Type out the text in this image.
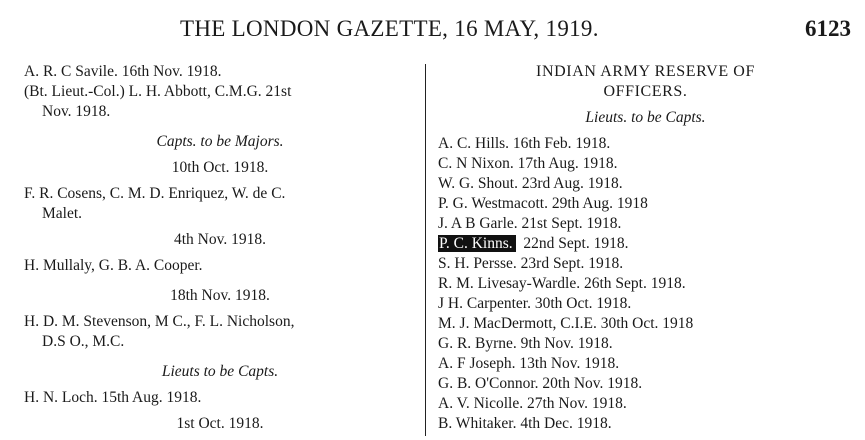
THE LONDON GAZETTE, 16 MAY, 1919.	6123
A. R. C Savile. 16th Nov. 1918.
(Bt. Lieut.-Col.) L. H. Abbott, C.M.G. 21st
Nov. 1918.
Capts. to be Majors.
10th Oct. 1918.
F. R. Cosens, C. M. D. Enriquez, W. de C.
Malet.
4th Nov. 1918.
H. Mullaly, G. B. A. Cooper.
18th Nov. 1918.
H. D. M. Stevenson, M C., F. L. Nicholson,
D.S O., M.C.
Lieuts to be Capts.
H. N. Loch. 15th Aug. 1918.
1st Oct. 1918.
INDIAN ARMY RESERVE OF
OFFICERS.
Lieuts. to be Capts.
A. C. Hills. 16th Feb. 1918.
C. N Nixon. 17th Aug. 1918.
W. G. Shout. 23rd Aug. 1918.
P. G. Westmacott. 29th Aug. 1918
J. A B Garle. 21st Sept. 1918.
P. C. Kinns.  22nd Sept. 1918.
S. H. Persse. 23rd Sept. 1918.
R. M. Livesay-Wardle. 26th Sept. 1918.
J H. Carpenter. 30th Oct. 1918.
M. J. MacDermott, C.I.E. 30th Oct. 1918
G. R. Byrne. 9th Nov. 1918.
A. F Joseph. 13th Nov. 1918.
G. B. O'Connor. 20th Nov. 1918.
A. V. Nicolle. 27th Nov. 1918.
B. Whitaker. 4th Dec. 1918.
